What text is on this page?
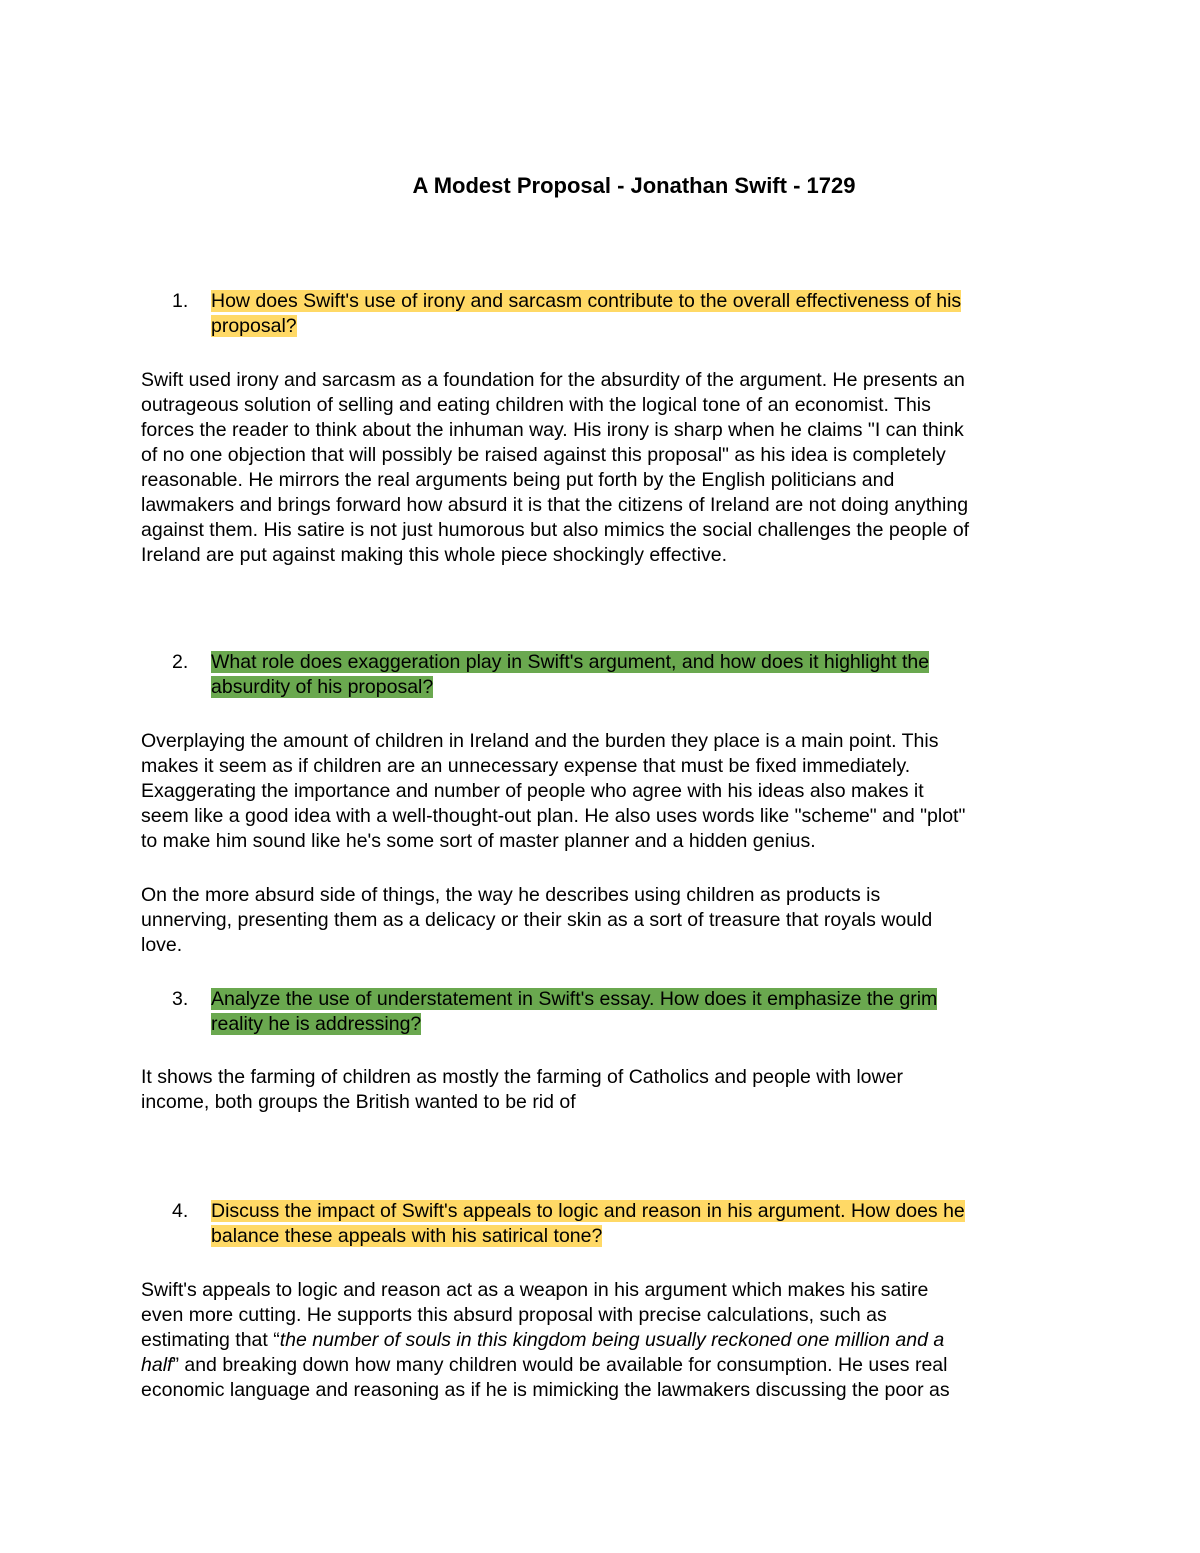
A Modest Proposal - Jonathan Swift - 1729
1.	How does Swift's use of irony and sarcasm contribute to the overall effectiveness of his
proposal?
Swift used irony and sarcasm as a foundation for the absurdity of the argument. He presents an
outrageous solution of selling and eating children with the logical tone of an economist. This
forces the reader to think about the inhuman way. His irony is sharp when he claims "I can think
of no one objection that will possibly be raised against this proposal" as his idea is completely
reasonable. He mirrors the real arguments being put forth by the English politicians and
lawmakers and brings forward how absurd it is that the citizens of Ireland are not doing anything
against them. His satire is not just humorous but also mimics the social challenges the people of
Ireland are put against making this whole piece shockingly effective.
2.	What role does exaggeration play in Swift's argument, and how does it highlight the
absurdity of his proposal?
Overplaying the amount of children in Ireland and the burden they place is a main point. This
makes it seem as if children are an unnecessary expense that must be fixed immediately.
Exaggerating the importance and number of people who agree with his ideas also makes it
seem like a good idea with a well-thought-out plan. He also uses words like "scheme" and "plot"
to make him sound like he's some sort of master planner and a hidden genius.
On the more absurd side of things, the way he describes using children as products is
unnerving, presenting them as a delicacy or their skin as a sort of treasure that royals would
love.
3.	Analyze the use of understatement in Swift's essay. How does it emphasize the grim
reality he is addressing?
It shows the farming of children as mostly the farming of Catholics and people with lower
income, both groups the British wanted to be rid of
4.	Discuss the impact of Swift's appeals to logic and reason in his argument. How does he
balance these appeals with his satirical tone?
Swift's appeals to logic and reason act as a weapon in his argument which makes his satire
even more cutting. He supports this absurd proposal with precise calculations, such as
estimating that “the number of souls in this kingdom being usually reckoned one million and a
half” and breaking down how many children would be available for consumption. He uses real
economic language and reasoning as if he is mimicking the lawmakers discussing the poor as
